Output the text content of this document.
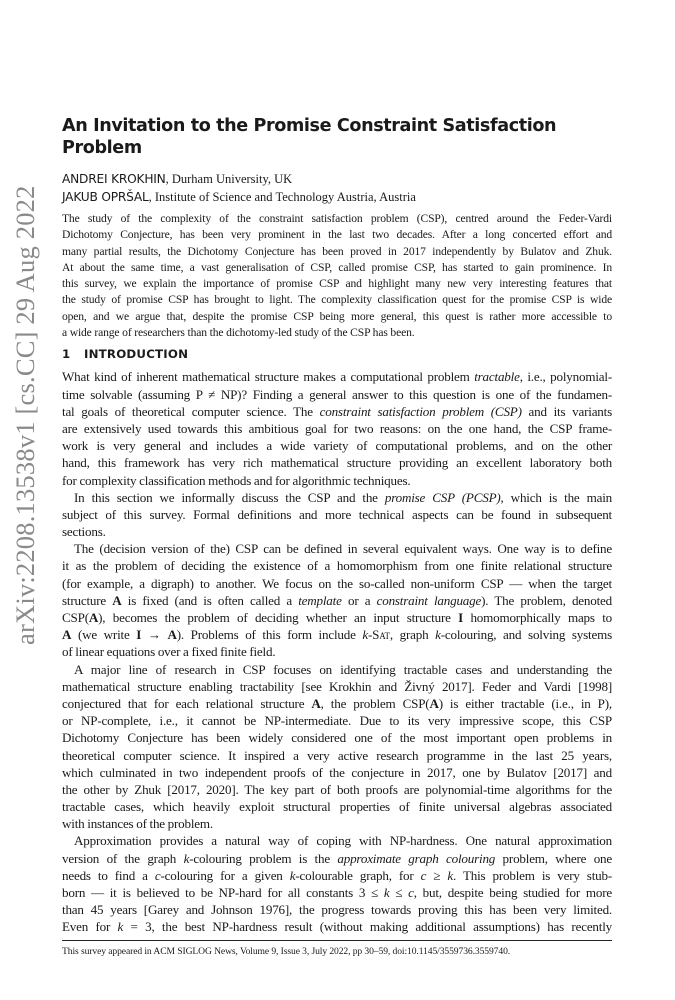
arXiv:2208.13538v1 [cs.CC] 29 Aug 2022
An Invitation to the Promise Constraint Satisfaction Problem
ANDREI KROKHIN, Durham University, UK
JAKUB OPRŠAL, Institute of Science and Technology Austria, Austria
The study of the complexity of the constraint satisfaction problem (CSP), centred around the Feder-Vardi
Dichotomy Conjecture, has been very prominent in the last two decades. After a long concerted effort and
many partial results, the Dichotomy Conjecture has been proved in 2017 independently by Bulatov and Zhuk.
At about the same time, a vast generalisation of CSP, called promise CSP, has started to gain prominence. In
this survey, we explain the importance of promise CSP and highlight many new very interesting features that
the study of promise CSP has brought to light. The complexity classification quest for the promise CSP is wide
open, and we argue that, despite the promise CSP being more general, this quest is rather more accessible to
a wide range of researchers than the dichotomy-led study of the CSP has been.
1 INTRODUCTION
What kind of inherent mathematical structure makes a computational problem tractable, i.e., polynomial-
time solvable (assuming P ≠ NP)? Finding a general answer to this question is one of the fundamen-
tal goals of theoretical computer science. The constraint satisfaction problem (CSP) and its variants
are extensively used towards this ambitious goal for two reasons: on the one hand, the CSP frame-
work is very general and includes a wide variety of computational problems, and on the other
hand, this framework has very rich mathematical structure providing an excellent laboratory both
for complexity classification methods and for algorithmic techniques.
In this section we informally discuss the CSP and the promise CSP (PCSP), which is the main
subject of this survey. Formal definitions and more technical aspects can be found in subsequent
sections.
The (decision version of the) CSP can be defined in several equivalent ways. One way is to define
it as the problem of deciding the existence of a homomorphism from one finite relational structure
(for example, a digraph) to another. We focus on the so-called non-uniform CSP — when the target
structure A is fixed (and is often called a template or a constraint language). The problem, denoted
CSP(A), becomes the problem of deciding whether an input structure I homomorphically maps to
A (we write I → A). Problems of this form include k-Sat, graph k-colouring, and solving systems
of linear equations over a fixed finite field.
A major line of research in CSP focuses on identifying tractable cases and understanding the
mathematical structure enabling tractability [see Krokhin and Živný 2017]. Feder and Vardi [1998]
conjectured that for each relational structure A, the problem CSP(A) is either tractable (i.e., in P),
or NP-complete, i.e., it cannot be NP-intermediate. Due to its very impressive scope, this CSP
Dichotomy Conjecture has been widely considered one of the most important open problems in
theoretical computer science. It inspired a very active research programme in the last 25 years,
which culminated in two independent proofs of the conjecture in 2017, one by Bulatov [2017] and
the other by Zhuk [2017, 2020]. The key part of both proofs are polynomial-time algorithms for the
tractable cases, which heavily exploit structural properties of finite universal algebras associated
with instances of the problem.
Approximation provides a natural way of coping with NP-hardness. One natural approximation
version of the graph k-colouring problem is the approximate graph colouring problem, where one
needs to find a c-colouring for a given k-colourable graph, for c ≥ k. This problem is very stub-
born — it is believed to be NP-hard for all constants 3 ≤ k ≤ c, but, despite being studied for more
than 45 years [Garey and Johnson 1976], the progress towards proving this has been very limited.
Even for k = 3, the best NP-hardness result (without making additional assumptions) has recently
This survey appeared in ACM SIGLOG News, Volume 9, Issue 3, July 2022, pp 30–59, doi:10.1145/3559736.3559740.
